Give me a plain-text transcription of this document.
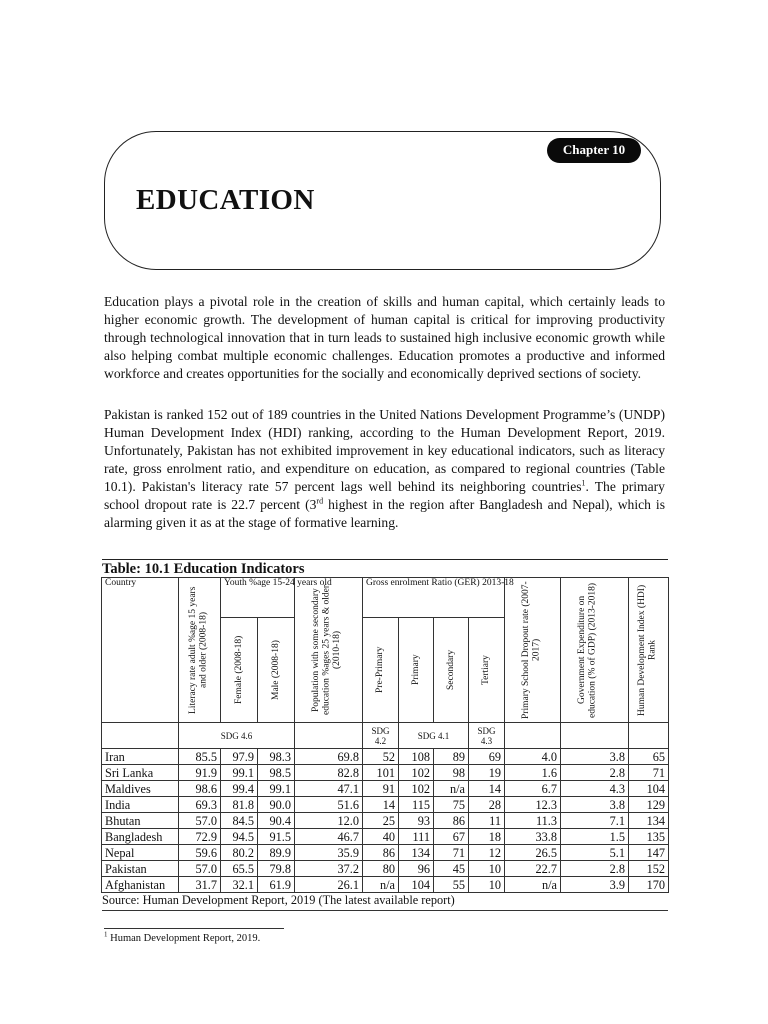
Chapter 10
EDUCATION

Education plays a pivotal role in the creation of skills and human capital, which certainly leads to higher economic growth. The development of human capital is critical for improving productivity through technological innovation that in turn leads to sustained high inclusive economic growth while also helping combat multiple economic challenges. Education promotes a productive and informed workforce and creates opportunities for the socially and economically deprived sections of society.

Pakistan is ranked 152 out of 189 countries in the United Nations Development Programme’s (UNDP) Human Development Index (HDI) ranking, according to the Human Development Report, 2019. Unfortunately, Pakistan has not exhibited improvement in key educational indicators, such as literacy rate, gross enrolment ratio, and expenditure on education, as compared to regional countries (Table 10.1). Pakistan's literacy rate 57 percent lags well behind its neighboring countries$^1$. The primary school dropout rate is 22.7 percent (3rd highest in the region after Bangladesh and Nepal), which is alarming given it as at the stage of formative learning.

Table: 10.1 Education Indicators
Country	Literacy rate adult %age 15 years and older (2008-18)	Youth %age 15-24 years old		Population with some secondary education %ages 25 years & older (2010-18)	Gross enrolment Ratio (GER) 2013-18				Primary School Dropout rate (2007-2017)	Government Expenditure on education (% of GDP) (2013-2018)	Human Development Index (HDI) Rank

		Female (2008-18)	Male (2008-18)		Pre-Primary	Primary	Secondary	Tertiary			

	SDG 4.6				SDG 4.2	SDG 4.1		SDG 4.3			
Iran	85.5	97.9	98.3	69.8	52	108	89	69	4.0	3.8	65
Sri Lanka	91.9	99.1	98.5	82.8	101	102	98	19	1.6	2.8	71
Maldives	98.6	99.4	99.1	47.1	91	102	n/a	14	6.7	4.3	104
India	69.3	81.8	90.0	51.6	14	115	75	28	12.3	3.8	129
Bhutan	57.0	84.5	90.4	12.0	25	93	86	11	11.3	7.1	134
Bangladesh	72.9	94.5	91.5	46.7	40	111	67	18	33.8	1.5	135
Nepal	59.6	80.2	89.9	35.9	86	134	71	12	26.5	5.1	147
Pakistan	57.0	65.5	79.8	37.2	80	96	45	10	22.7	2.8	152
Afghanistan	31.7	32.1	61.9	26.1	n/a	104	55	10	n/a	3.9	170
Source: Human Development Report, 2019 (The latest available report)
$^1$ Human Development Report, 2019.
